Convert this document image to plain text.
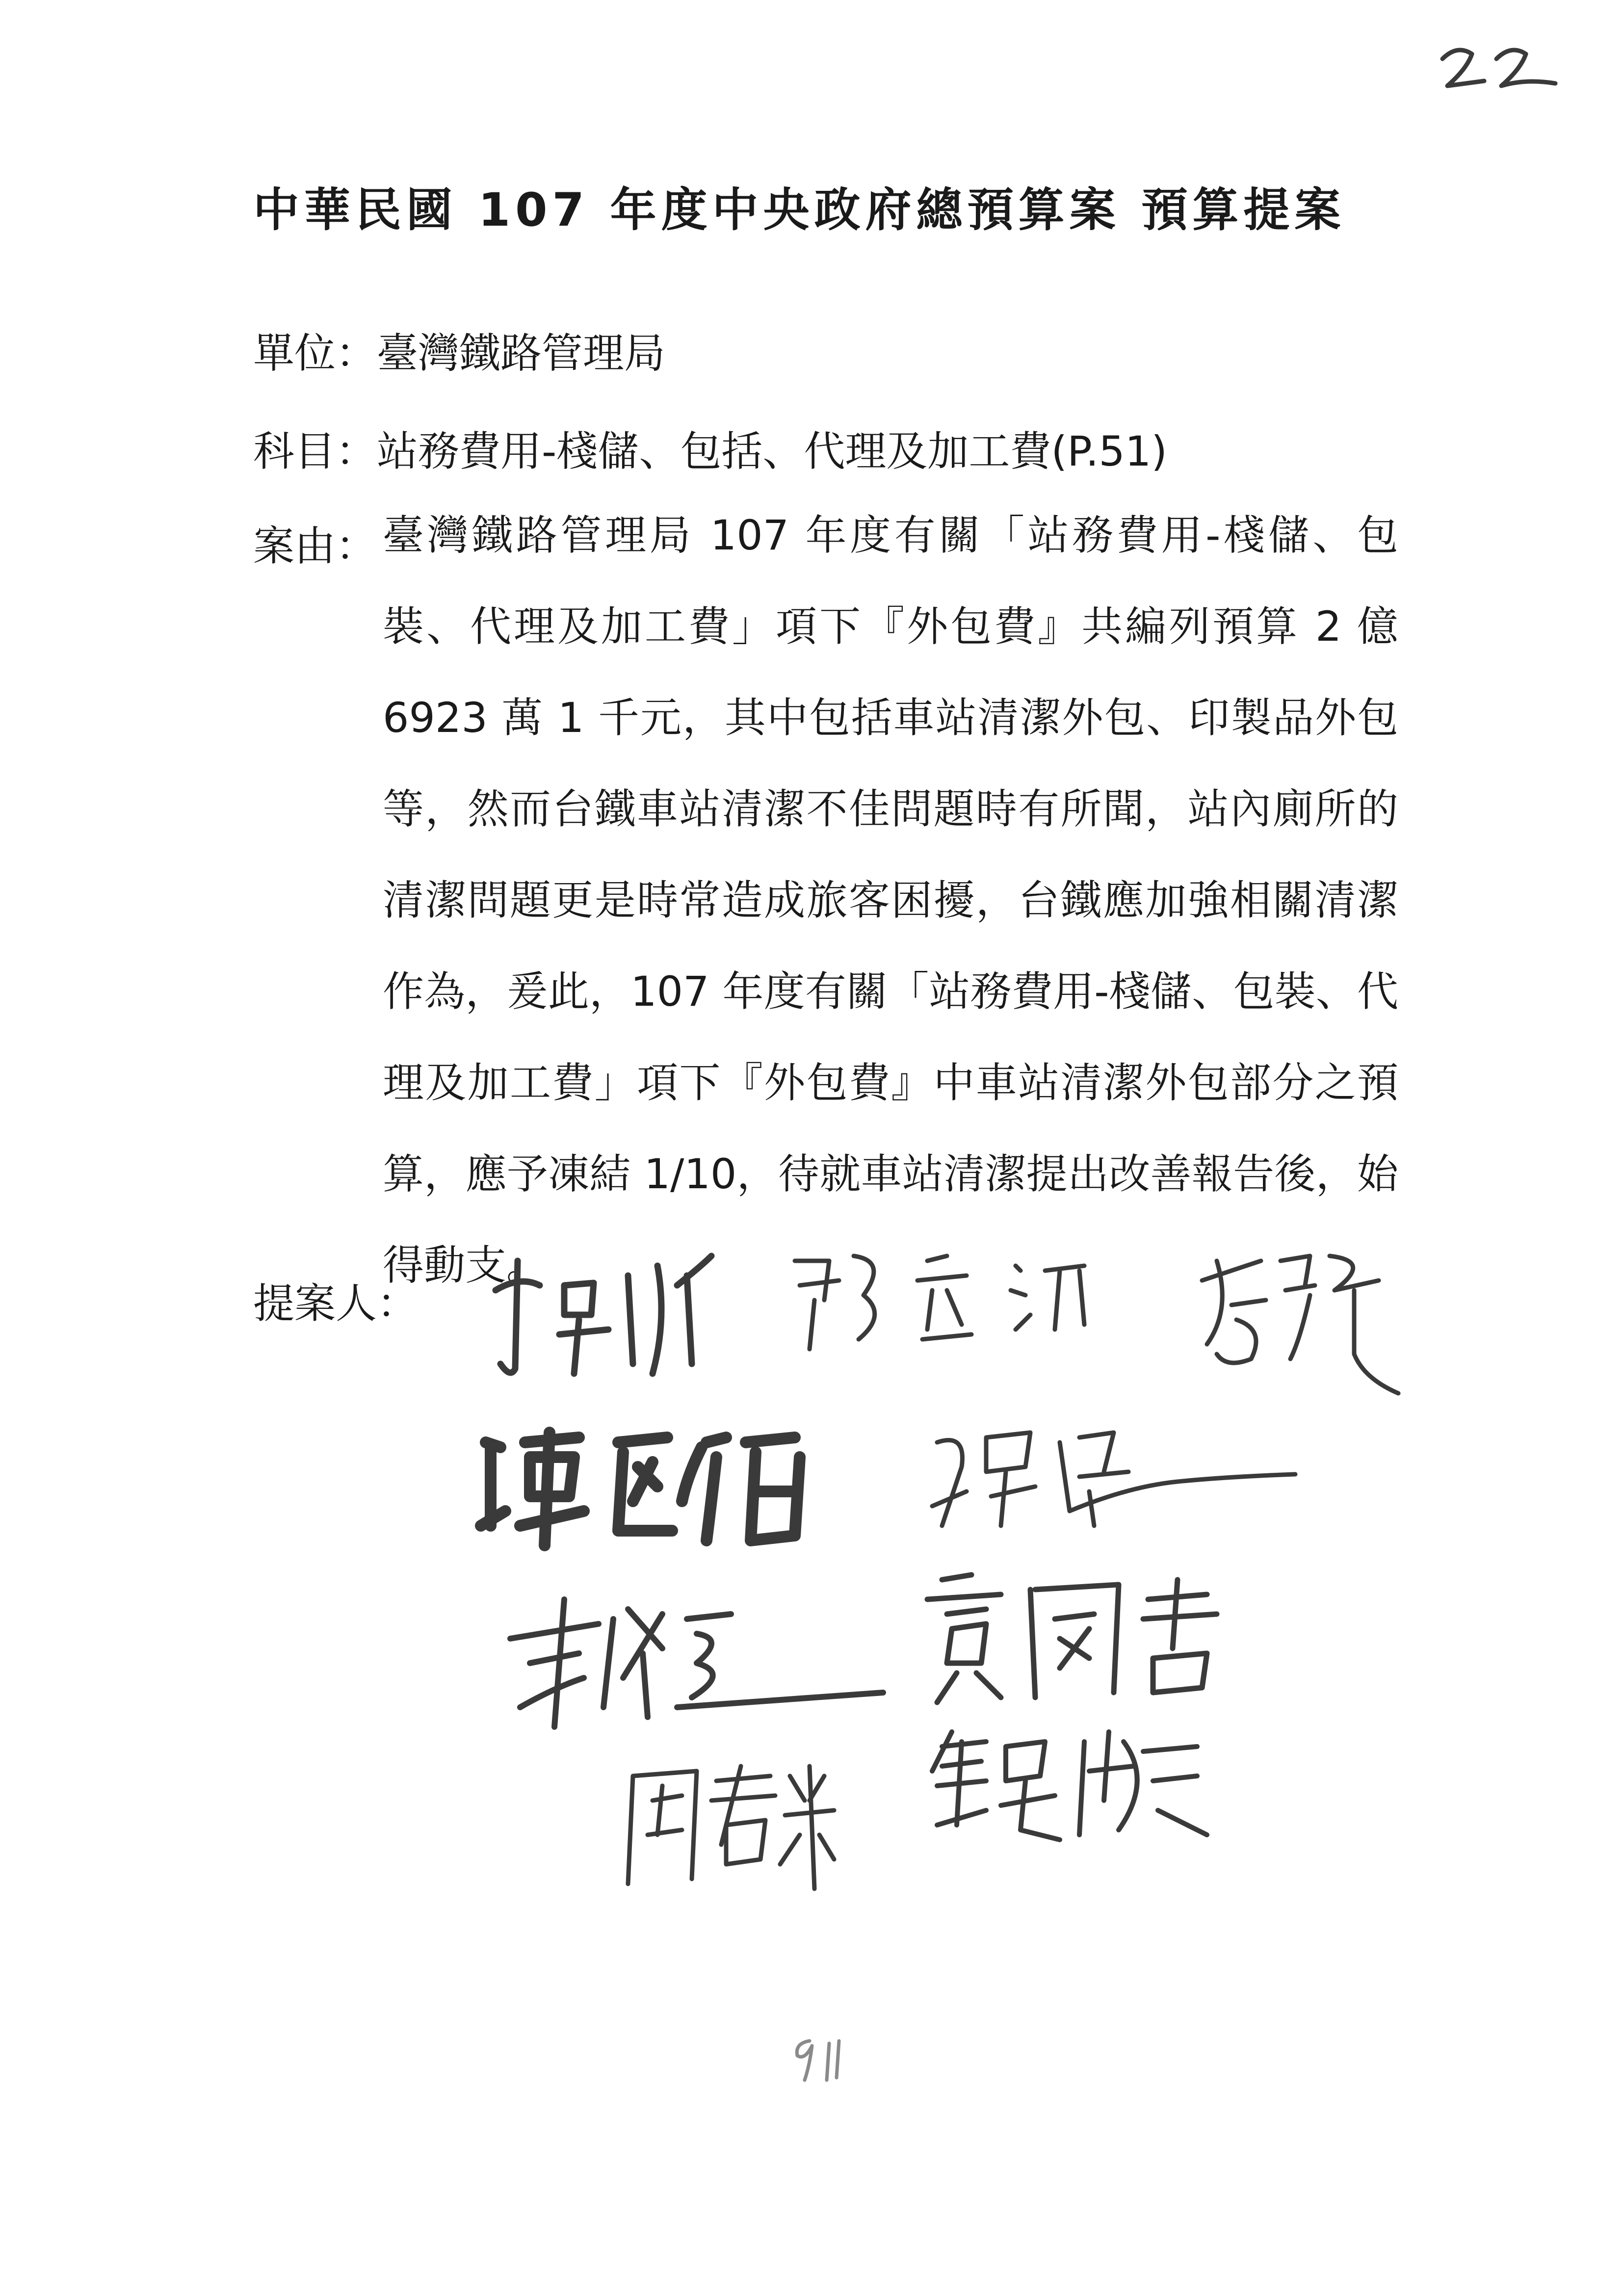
中華民國 107 年度中央政府總預算案 預算提案
單位：臺灣鐵路管理局
科目：站務費用-棧儲、包括、代理及加工費(P.51)
案由： 臺灣鐵路管理局 107 年度有關「站務費用-棧儲、包裝、代理及加工費」項下『外包費』共編列預算 2 億 6923 萬 1 千元，其中包括車站清潔外包、印製品外包等，然而台鐵車站清潔不佳問題時有所聞，站內廁所的清潔問題更是時常造成旅客困擾，台鐵應加強相關清潔作為，爰此，107 年度有關「站務費用-棧儲、包裝、代理及加工費」項下『外包費』中車站清潔外包部分之預算，應予凍結 1/10，待就車站清潔提出改善報告後，始得動支。
提案人：
